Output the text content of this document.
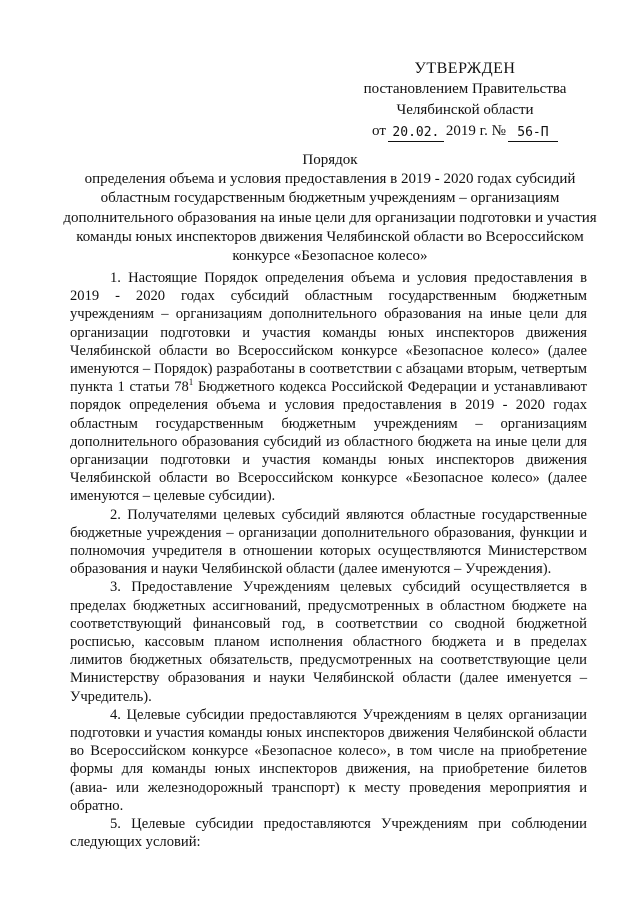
УТВЕРЖДЕН
постановлением Правительства
Челябинской области
от 20.02. 2019 г. № 56-П
Порядок
определения объема и условия предоставления в 2019 - 2020 годах субсидий областным государственным бюджетным учреждениям – организациям дополнительного образования на иные цели для организации подготовки и участия команды юных инспекторов движения Челябинской области во Всероссийском конкурсе «Безопасное колесо»

1. Настоящие Порядок определения объема и условия предоставления в 2019 - 2020 годах субсидий областным государственным бюджетным учреждениям – организациям дополнительного образования на иные цели для организации подготовки и участия команды юных инспекторов движения Челябинской области во Всероссийском конкурсе «Безопасное колесо» (далее именуются – Порядок) разработаны в соответствии с абзацами вторым, четвертым пункта 1 статьи $78^1$ Бюджетного кодекса Российской Федерации и устанавливают порядок определения объема и условия предоставления в 2019 - 2020 годах областным государственным бюджетным учреждениям – организациям дополнительного образования субсидий из областного бюджета на иные цели для организации подготовки и участия команды юных инспекторов движения Челябинской области во Всероссийском конкурсе «Безопасное колесо» (далее именуются – целевые субсидии).

2. Получателями целевых субсидий являются областные государственные бюджетные учреждения – организации дополнительного образования, функции и полномочия учредителя в отношении которых осуществляются Министерством образования и науки Челябинской области (далее именуются – Учреждения).

3. Предоставление Учреждениям целевых субсидий осуществляется в пределах бюджетных ассигнований, предусмотренных в областном бюджете на соответствующий финансовый год, в соответствии со сводной бюджетной росписью, кассовым планом исполнения областного бюджета и в пределах лимитов бюджетных обязательств, предусмотренных на соответствующие цели Министерству образования и науки Челябинской области (далее именуется – Учредитель).

4. Целевые субсидии предоставляются Учреждениям в целях организации подготовки и участия команды юных инспекторов движения Челябинской области во Всероссийском конкурсе «Безопасное колесо», в том числе на приобретение формы для команды юных инспекторов движения, на приобретение билетов (авиа- или железнодорожный транспорт) к месту проведения мероприятия и обратно.

5. Целевые субсидии предоставляются Учреждениям при соблюдении следующих условий:
